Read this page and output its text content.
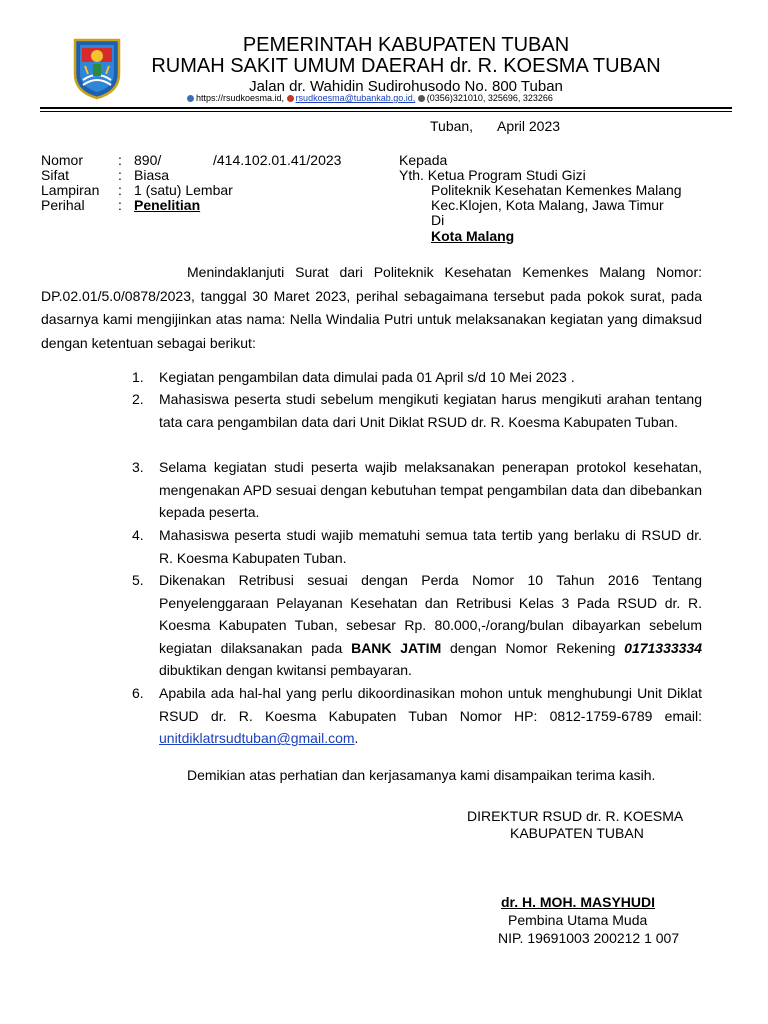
PEMERINTAH KABUPATEN TUBAN
RUMAH SAKIT UMUM DAERAH dr. R. KOESMA TUBAN
Jalan dr. Wahidin Sudirohusodo No. 800 Tuban
https://rsudkoesma.id, rsudkoesma@tubankab.go.id, (0356)321010, 325696, 323266
Tuban, April 2023
Nomor : 890/	/414.102.01.41/2023
Sifat	: Biasa
Lampiran : 1 (satu) Lembar
Perihal : Penelitian
Kepada
Yth. Ketua Program Studi Gizi
Politeknik Kesehatan Kemenkes Malang
Kec.Klojen, Kota Malang, Jawa Timur
Di
Kota Malang
Menindaklanjuti Surat dari Politeknik Kesehatan Kemenkes Malang Nomor: DP.02.01/5.0/0878/2023, tanggal 30 Maret 2023, perihal sebagaimana tersebut pada pokok surat, pada dasarnya kami mengijinkan atas nama: Nella Windalia Putri untuk melaksanakan kegiatan yang dimaksud dengan ketentuan sebagai berikut:
1. Kegiatan pengambilan data dimulai pada 01 April s/d 10 Mei 2023 .
2. Mahasiswa peserta studi sebelum mengikuti kegiatan harus mengikuti arahan tentang tata cara pengambilan data dari Unit Diklat RSUD dr. R. Koesma Kabupaten Tuban.
3. Selama kegiatan studi peserta wajib melaksanakan penerapan protokol kesehatan, mengenakan APD sesuai dengan kebutuhan tempat pengambilan data dan dibebankan kepada peserta.
4. Mahasiswa peserta studi wajib mematuhi semua tata tertib yang berlaku di RSUD dr. R. Koesma Kabupaten Tuban.
5. Dikenakan Retribusi sesuai dengan Perda Nomor 10 Tahun 2016 Tentang Penyelenggaraan Pelayanan Kesehatan dan Retribusi Kelas 3 Pada RSUD dr. R. Koesma Kabupaten Tuban, sebesar Rp. 80.000,-/orang/bulan dibayarkan sebelum kegiatan dilaksanakan pada BANK JATIM dengan Nomor Rekening 0171333334 dibuktikan dengan kwitansi pembayaran.
6. Apabila ada hal-hal yang perlu dikoordinasikan mohon untuk menghubungi Unit Diklat RSUD dr. R. Koesma Kabupaten Tuban Nomor HP: 0812-1759-6789 email: unitdiklatrsudtuban@gmail.com.
Demikian atas perhatian dan kerjasamanya kami disampaikan terima kasih.
DIREKTUR RSUD dr. R. KOESMA
KABUPATEN TUBAN
dr. H. MOH. MASYHUDI
Pembina Utama Muda
NIP. 19691003 200212 1 007
